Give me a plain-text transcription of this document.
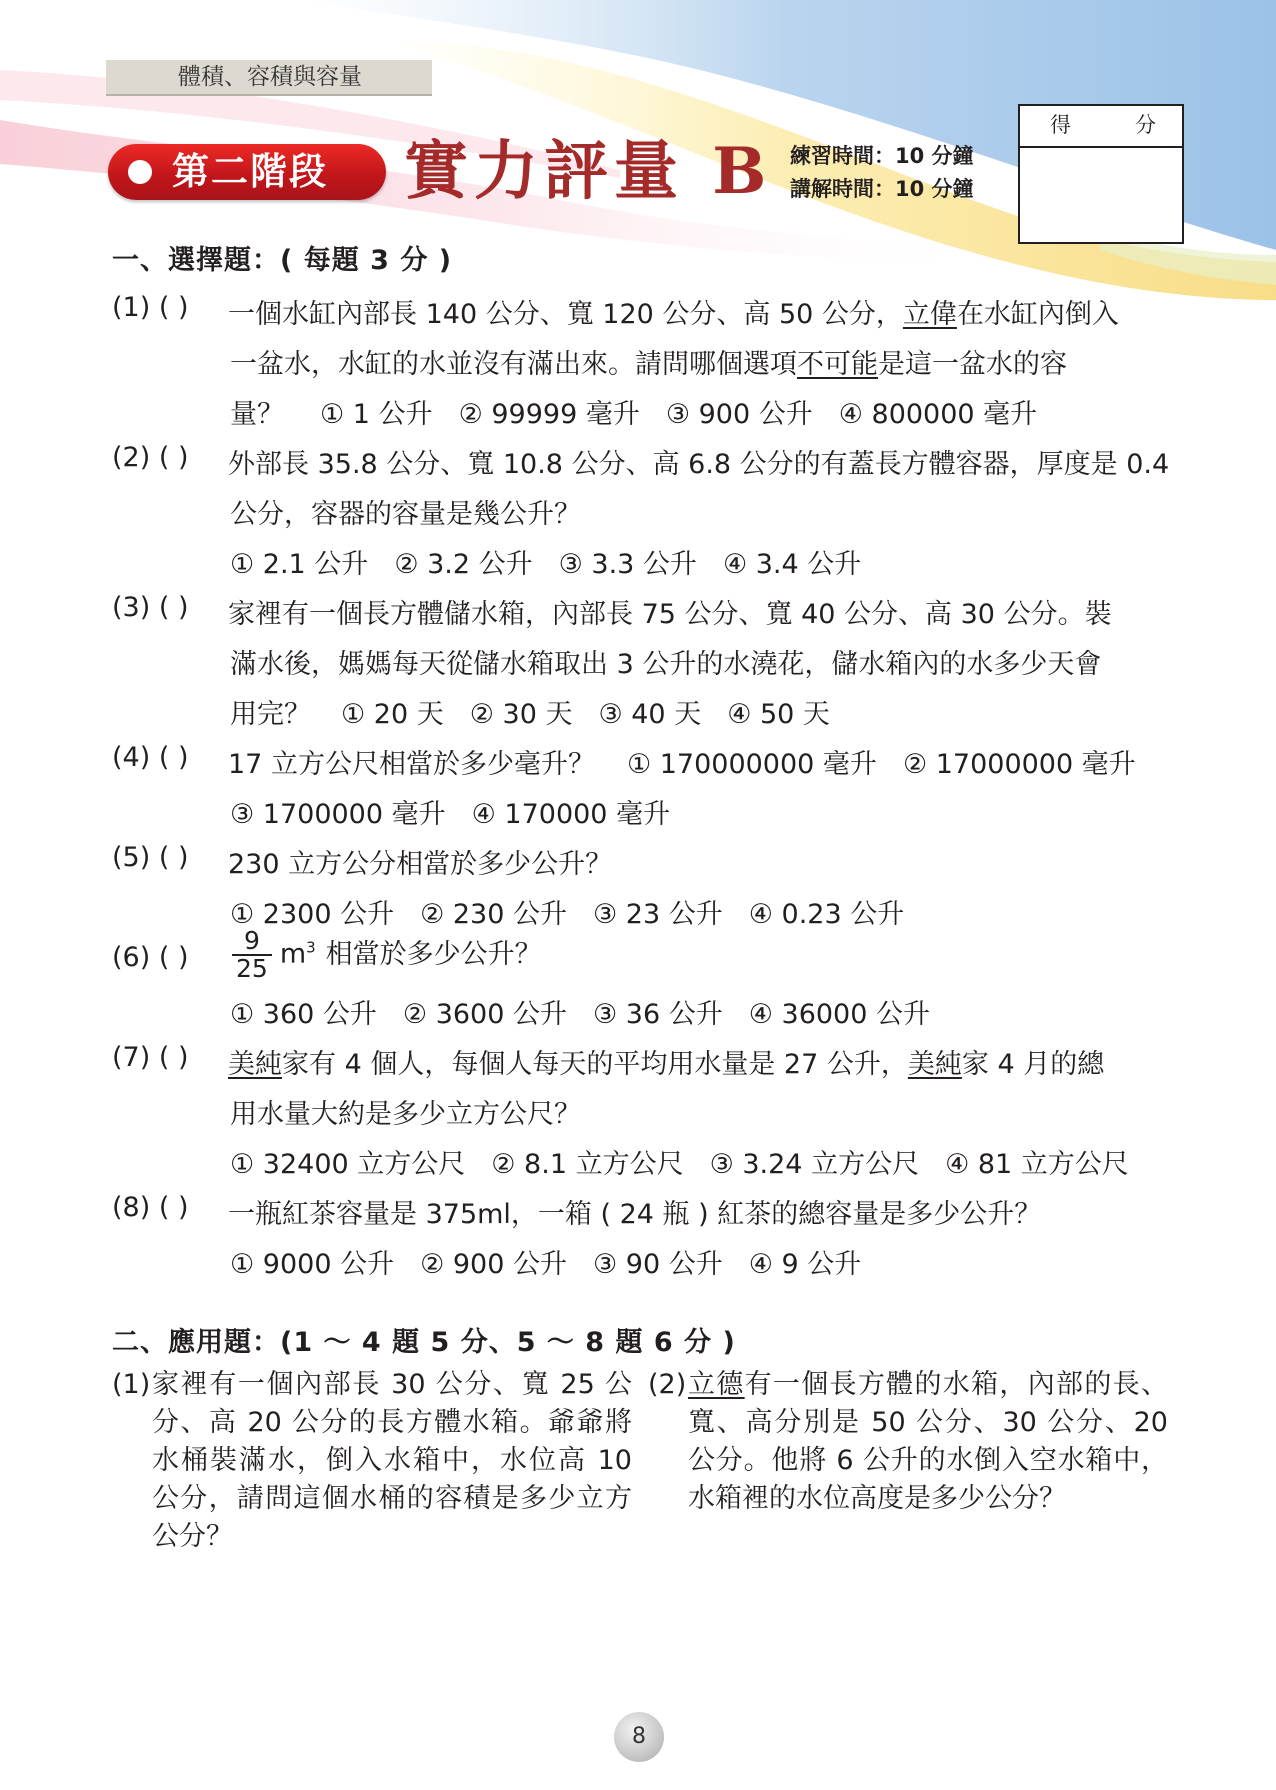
體積、容積與容量
得	分
第二階段 實力評量 B 練習時間：10 分鐘
講解時間：10 分鐘
一、選擇題：( 每題 3 分 )
(1) ( ) 一個水缸內部長 140 公分、寬 120 公分、高 50 公分，立偉在水缸內倒入
一盆水，水缸的水並沒有滿出來。請問哪個選項不可能是這一盆水的容
量？ ① 1 公升 ② 99999 毫升 ③ 900 公升 ④ 800000 毫升
(2) ( ) 外部長 35.8 公分、寬 10.8 公分、高 6.8 公分的有蓋長方體容器，厚度是 0.4
公分，容器的容量是幾公升？
① 2.1 公升 ② 3.2 公升 ③ 3.3 公升 ④ 3.4 公升
(3) ( ) 家裡有一個長方體儲水箱，內部長 75 公分、寬 40 公分、高 30 公分。裝
滿水後，媽媽每天從儲水箱取出 3 公升的水澆花，儲水箱內的水多少天會
用完？ ① 20 天 ② 30 天 ③ 40 天 ④ 50 天
(4) ( ) 17 立方公尺相當於多少毫升？ ① 170000000 毫升 ② 17000000 毫升
③ 1700000 毫升 ④ 170000 毫升
(5) ( ) 230 立方公分相當於多少公升？
① 2300 公升 ② 230 公升 ③ 23 公升 ④ 0.23 公升
(6) ( ) $\frac{9}{25} m^3$ 相當於多少公升？
① 360 公升 ② 3600 公升 ③ 36 公升 ④ 36000 公升
(7) ( ) 美純家有 4 個人，每個人每天的平均用水量是 27 公升，美純家 4 月的總
用水量大約是多少立方公尺？
① 32400 立方公尺 ② 8.1 立方公尺 ③ 3.24 立方公尺 ④ 81 立方公尺
(8) ( ) 一瓶紅茶容量是 375ml，一箱 ( 24 瓶 ) 紅茶的總容量是多少公升？
① 9000 公升 ② 900 公升 ③ 90 公升 ④ 9 公升
二、應用題：(1 ～ 4 題 5 分、5 ～ 8 題 6 分 )
(1) 家裡有一個內部長 30 公分、寬 25 公分、高 20 公分的長方體水箱。爺爺將水桶裝滿水，倒入水箱中，水位高 10 公分，請問這個水桶的容積是多少立方公分？
(2) 立德有一個長方體的水箱，內部的長、寬、高分別是 50 公分、30 公分、20 公分。他將 6 公升的水倒入空水箱中，水箱裡的水位高度是多少公分？
8
